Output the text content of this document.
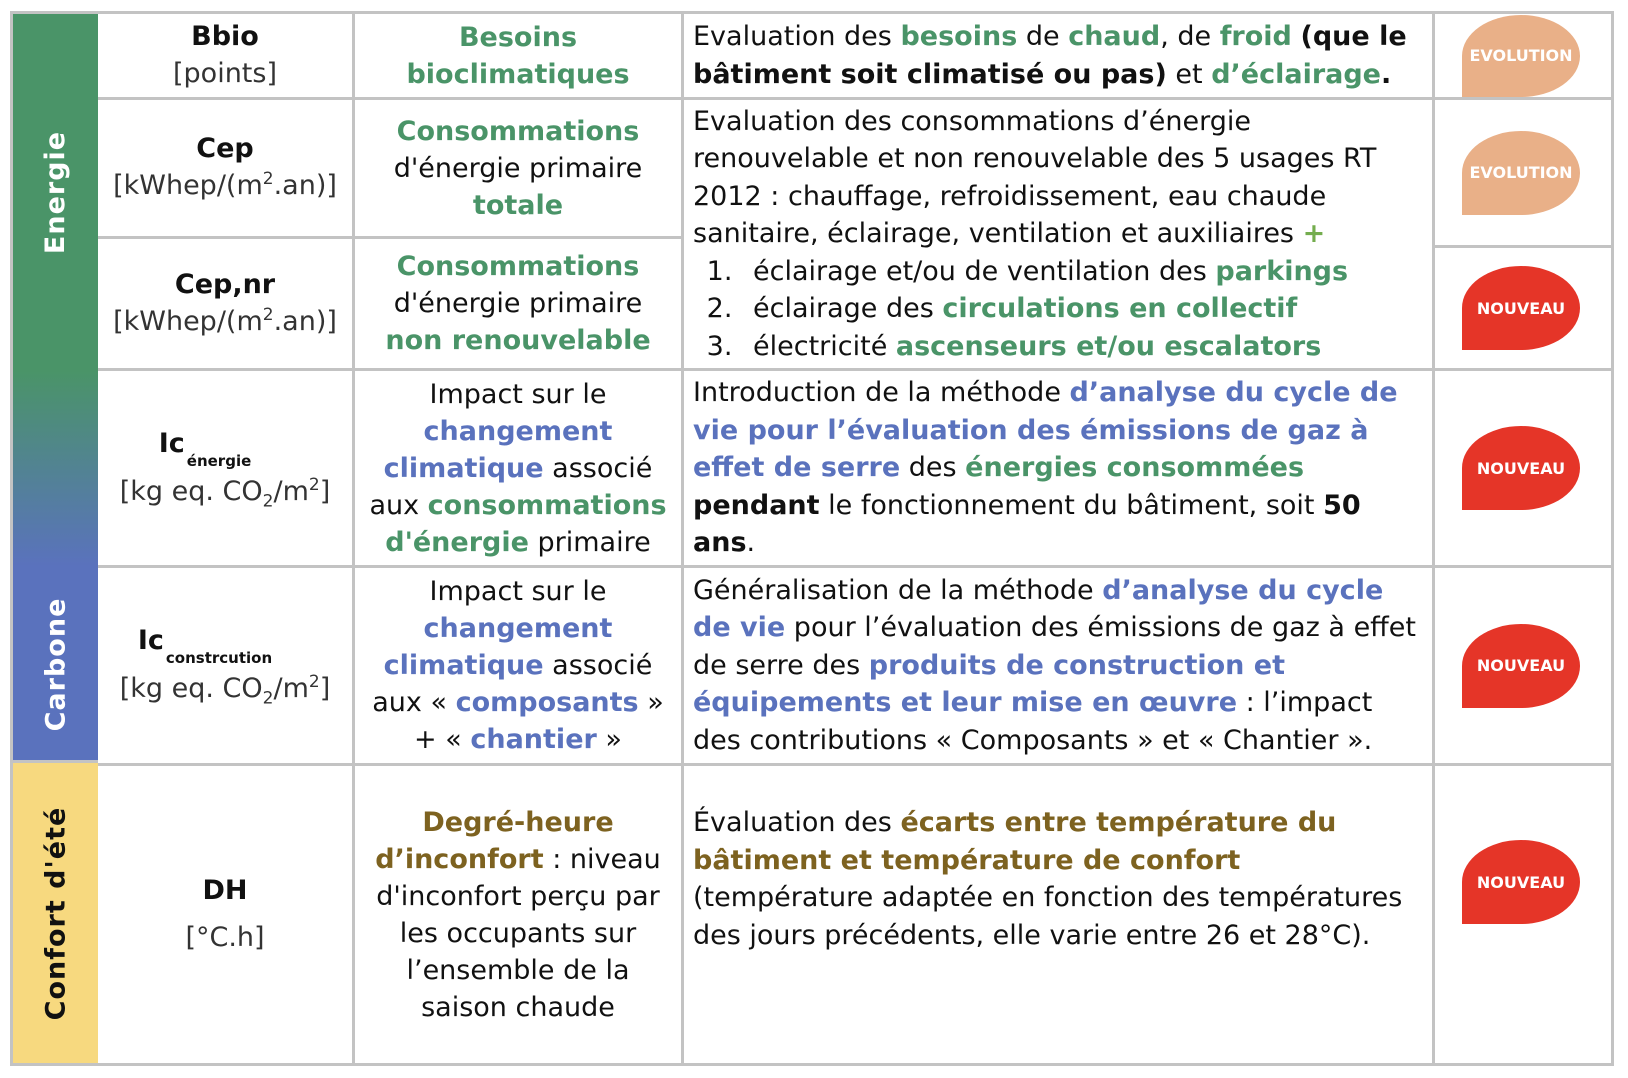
Energie
Carbone
Confort d'été
Bbio
[points]
Besoins
bioclimatiques
Evaluation des besoins de chaud, de froid (que le bâtiment soit climatisé ou pas) et d’éclairage.
EVOLUTION
Cep
$[kWhep/(m^2.an)]$
Consommations
d'énergie primaire
totale
Cep,nr
$[kWhep/(m^2.an)]$
Consommations
d'énergie primaire
non renouvelable
Evaluation des consommations d’énergie renouvelable et non renouvelable des 5 usages RT 2012 : chauffage, refroidissement, eau chaude sanitaire, éclairage, ventilation et auxiliaires +
1. éclairage et/ou de ventilation des parkings
2. éclairage des circulations en collectif
3. électricité ascenseurs et/ou escalators
EVOLUTION
NOUVEAU
$Ic_{énergie}$
[kg eq. $CO_2/m^2$]
Impact sur le
changement
climatique associé
aux consommations
d'énergie primaire
Introduction de la méthode d’analyse du cycle de vie pour l’évaluation des émissions de gaz à effet de serre des énergies consommées pendant le fonctionnement du bâtiment, soit 50 ans.
NOUVEAU
$Ic_{constrcution}$
[kg eq. $CO_2/m^2$]
Impact sur le
changement
climatique associé
aux « composants »
+ « chantier »
Généralisation de la méthode d’analyse du cycle de vie pour l’évaluation des émissions de gaz à effet de serre des produits de construction et équipements et leur mise en œuvre : l’impact des contributions « Composants » et « Chantier ».
NOUVEAU
DH
[°C.h]
Degré-heure d’inconfort : niveau d'inconfort perçu par les occupants sur l’ensemble de la saison chaude
Évaluation des écarts entre température du bâtiment et température de confort (température adaptée en fonction des températures des jours précédents, elle varie entre 26 et 28°C).
NOUVEAU
